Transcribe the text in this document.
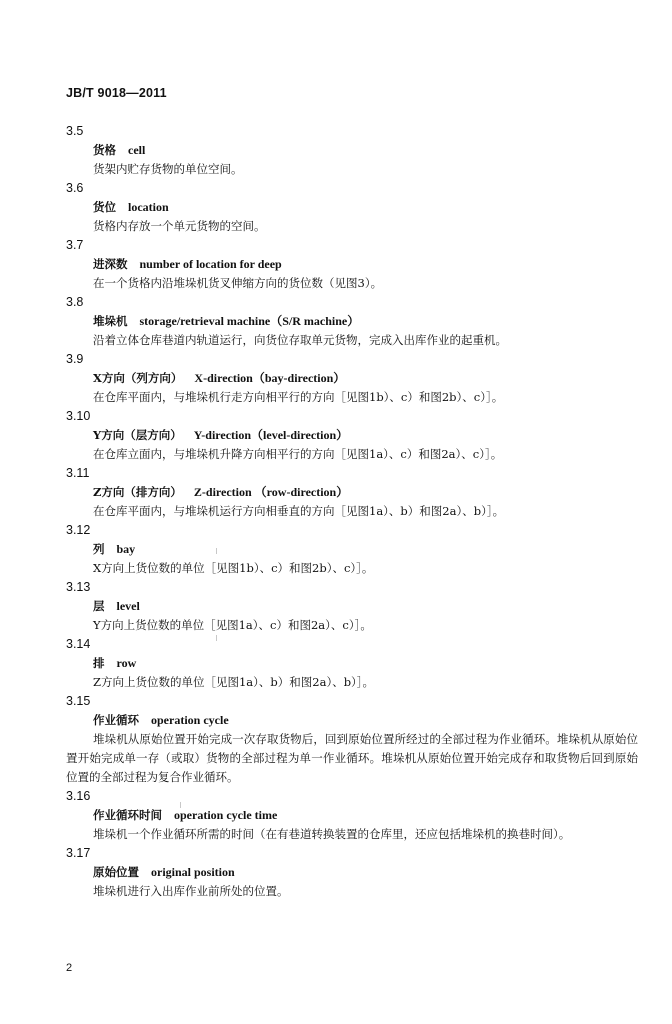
JB/T 9018—2011
3.5
货格 cell
货架内贮存货物的单位空间。
3.6
货位 location
货格内存放一个单元货物的空间。
3.7
进深数 number of location for deep
在一个货格内沿堆垛机货叉伸缩方向的货位数（见图3）。
3.8
堆垛机 storage/retrieval machine（S/R machine）
沿着立体仓库巷道内轨道运行，向货位存取单元货物，完成入出库作业的起重机。
3.9
X方向（列方向） X-direction（bay-direction）
在仓库平面内，与堆垛机行走方向相平行的方向［见图1b）、c）和图2b）、c）］。
3.10
Y方向（层方向） Y-direction（level-direction）
在仓库立面内，与堆垛机升降方向相平行的方向［见图1a）、c）和图2a）、c）］。
3.11
Z方向（排方向） Z-direction （row-direction）
在仓库平面内，与堆垛机运行方向相垂直的方向［见图1a）、b）和图2a）、b）］。
3.12
列 bay
X方向上货位数的单位［见图1b）、c）和图2b）、c）］。
3.13
层 level
Y方向上货位数的单位［见图1a）、c）和图2a）、c）］。
3.14
排 row
Z方向上货位数的单位［见图1a）、b）和图2a）、b）］。
3.15
作业循环 operation cycle
堆垛机从原始位置开始完成一次存取货物后，回到原始位置所经过的全部过程为作业循环。堆垛机从原始位置开始完成单一存（或取）货物的全部过程为单一作业循环。堆垛机从原始位置开始完成存和取货物后回到原始位置的全部过程为复合作业循环。
3.16
作业循环时间 operation cycle time
堆垛机一个作业循环所需的时间（在有巷道转换装置的仓库里，还应包括堆垛机的换巷时间）。
3.17
原始位置 original position
堆垛机进行入出库作业前所处的位置。
2
